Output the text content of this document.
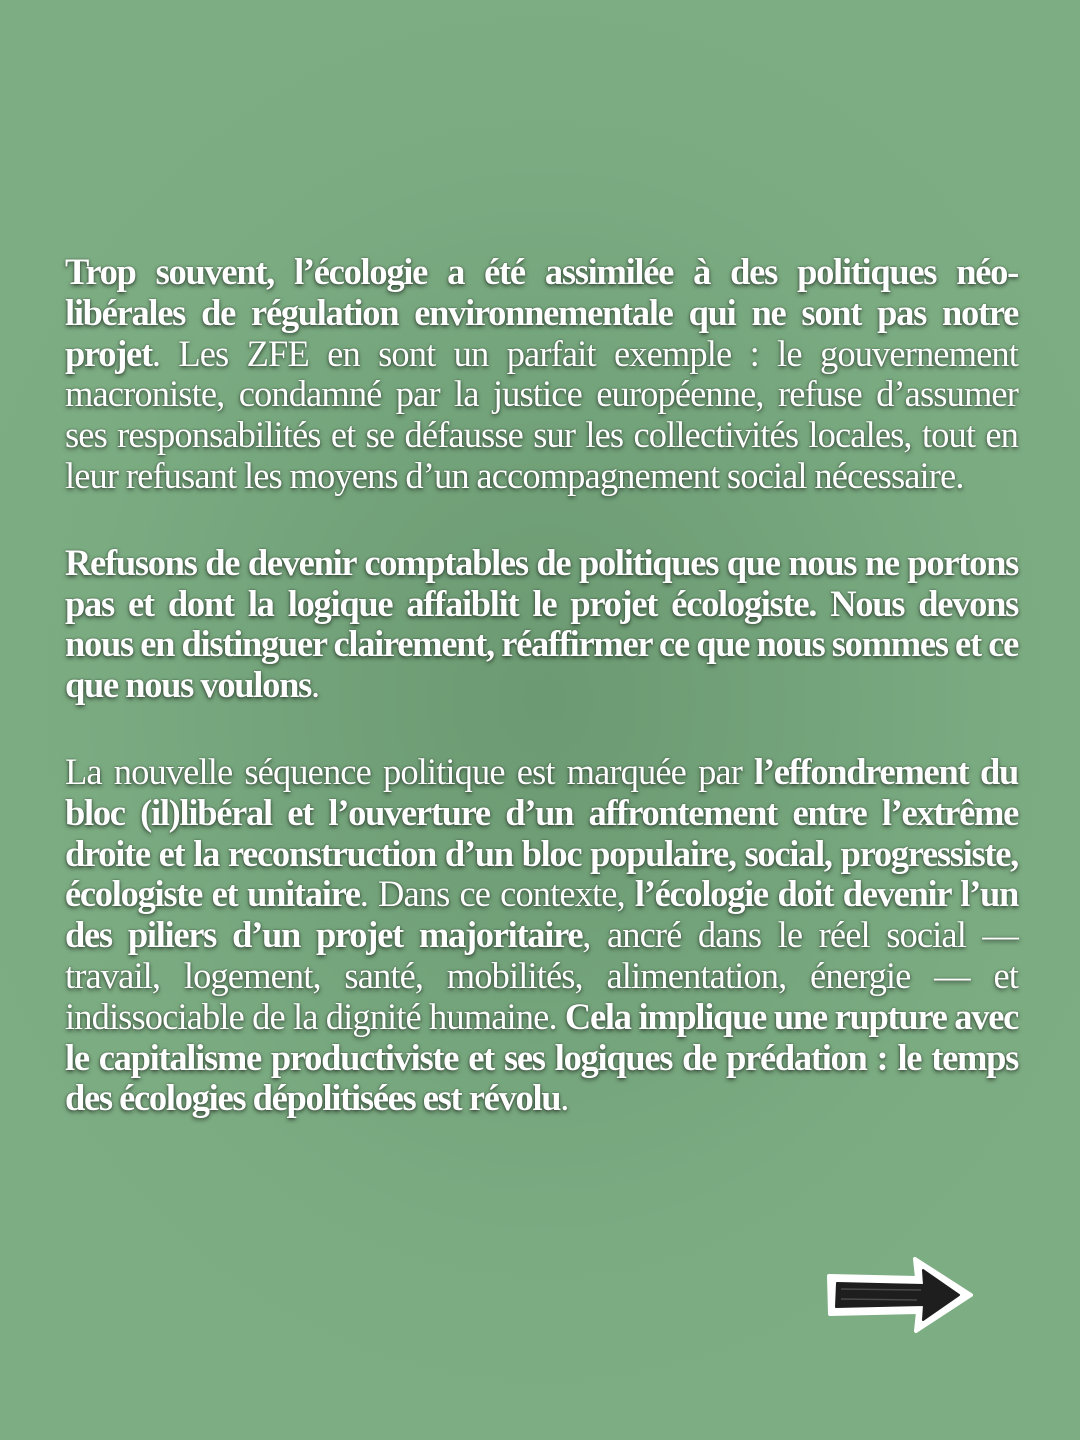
Trop souvent, l’écologie a été assimilée à des politiques néo-libérales de régulation environnementale qui ne sont pas notre projet. Les ZFE en sont un parfait exemple : le gouvernement macroniste, condamné par la justice européenne, refuse d’assumer ses responsabilités et se défausse sur les collectivités locales, tout en leur refusant les moyens d’un accompagnement social nécessaire.

Refusons de devenir comptables de politiques que nous ne portons pas et dont la logique affaiblit le projet écologiste. Nous devons nous en distinguer clairement, réaffirmer ce que nous sommes et ce que nous voulons.

La nouvelle séquence politique est marquée par l’effondrement du bloc (il)libéral et l’ouverture d’un affrontement entre l’extrême droite et la reconstruction d’un bloc populaire, social, progressiste, écologiste et unitaire. Dans ce contexte, l’écologie doit devenir l’un des piliers d’un projet majoritaire, ancré dans le réel social — travail, logement, santé, mobilités, alimentation, énergie — et indissociable de la dignité humaine. Cela implique une rupture avec le capitalisme productiviste et ses logiques de prédation : le temps des écologies dépolitisées est révolu.
